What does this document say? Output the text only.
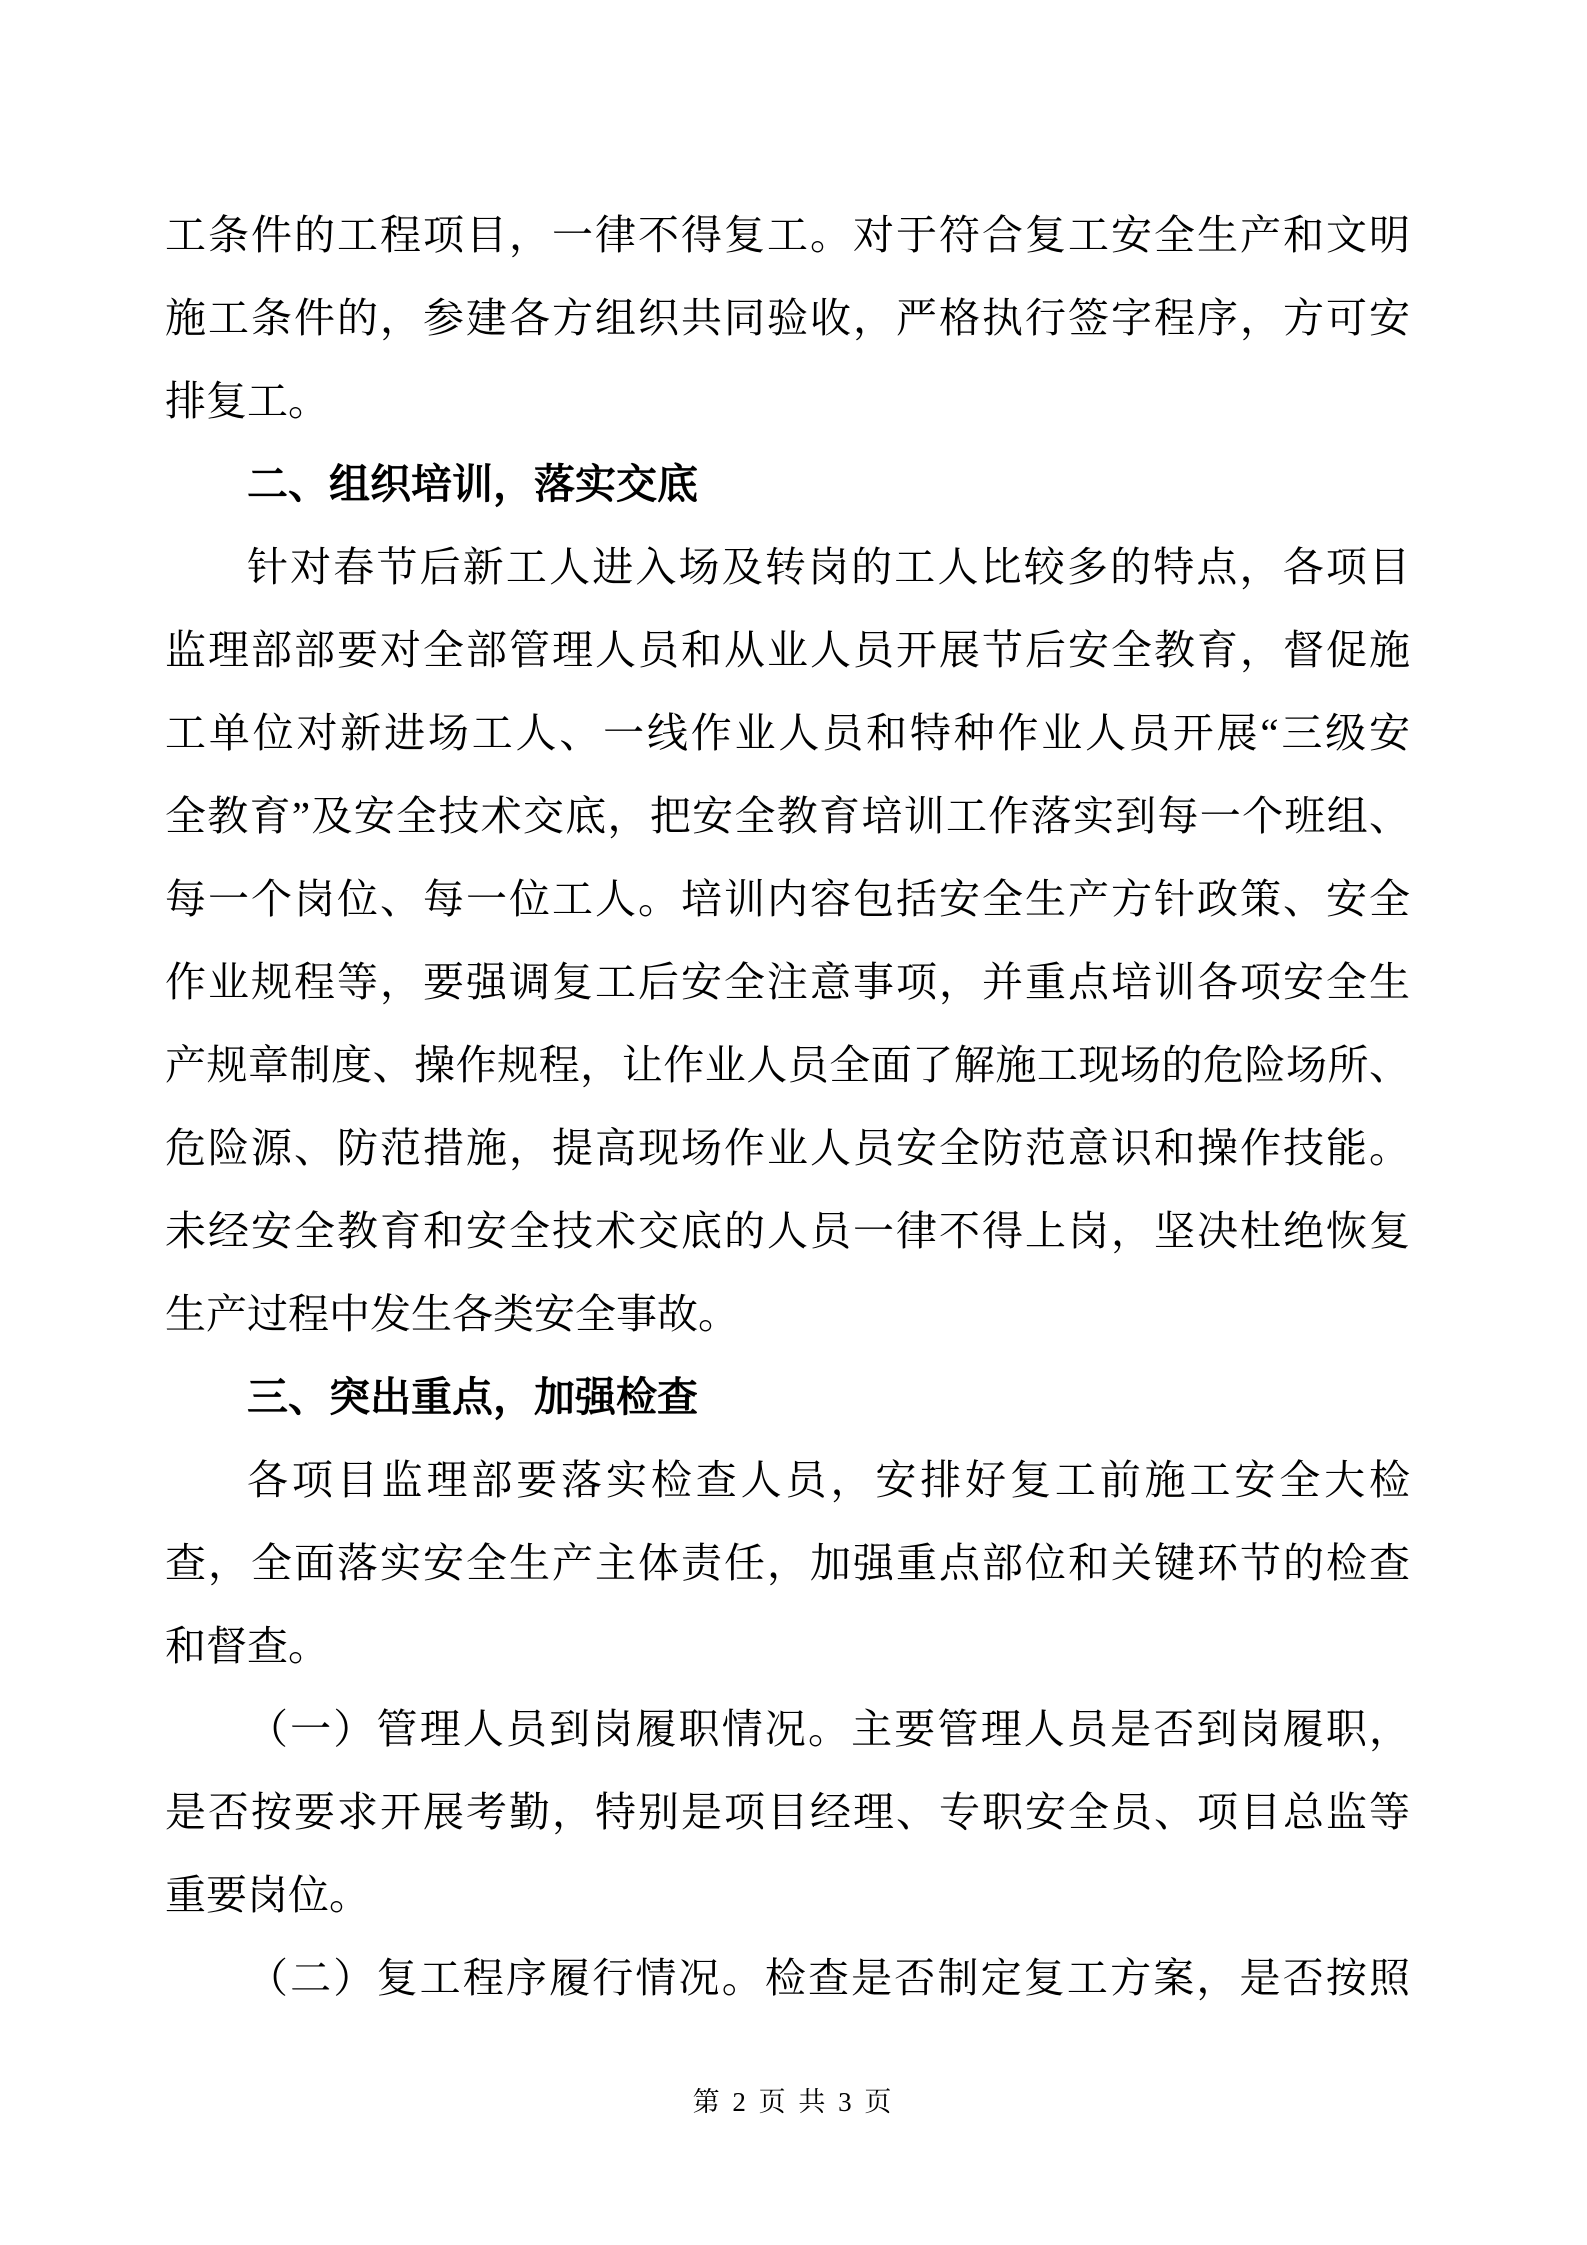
工条件的工程项目，一律不得复工。对于符合复工安全生产和文明
施工条件的，参建各方组织共同验收，严格执行签字程序，方可安
排复工。
二、组织培训，落实交底
针对春节后新工人进入场及转岗的工人比较多的特点，各项目
监理部部要对全部管理人员和从业人员开展节后安全教育，督促施
工单位对新进场工人、一线作业人员和特种作业人员开展“三级安
全教育”及安全技术交底，把安全教育培训工作落实到每一个班组、
每一个岗位、每一位工人。培训内容包括安全生产方针政策、安全
作业规程等，要强调复工后安全注意事项，并重点培训各项安全生
产规章制度、操作规程，让作业人员全面了解施工现场的危险场所、
危险源、防范措施，提高现场作业人员安全防范意识和操作技能。
未经安全教育和安全技术交底的人员一律不得上岗，坚决杜绝恢复
生产过程中发生各类安全事故。
三、突出重点，加强检查
各项目监理部要落实检查人员，安排好复工前施工安全大检
查，全面落实安全生产主体责任，加强重点部位和关键环节的检查
和督查。
（一）管理人员到岗履职情况。主要管理人员是否到岗履职，
是否按要求开展考勤，特别是项目经理、专职安全员、项目总监等
重要岗位。
（二）复工程序履行情况。检查是否制定复工方案，是否按照
第 2 页 共 3 页
